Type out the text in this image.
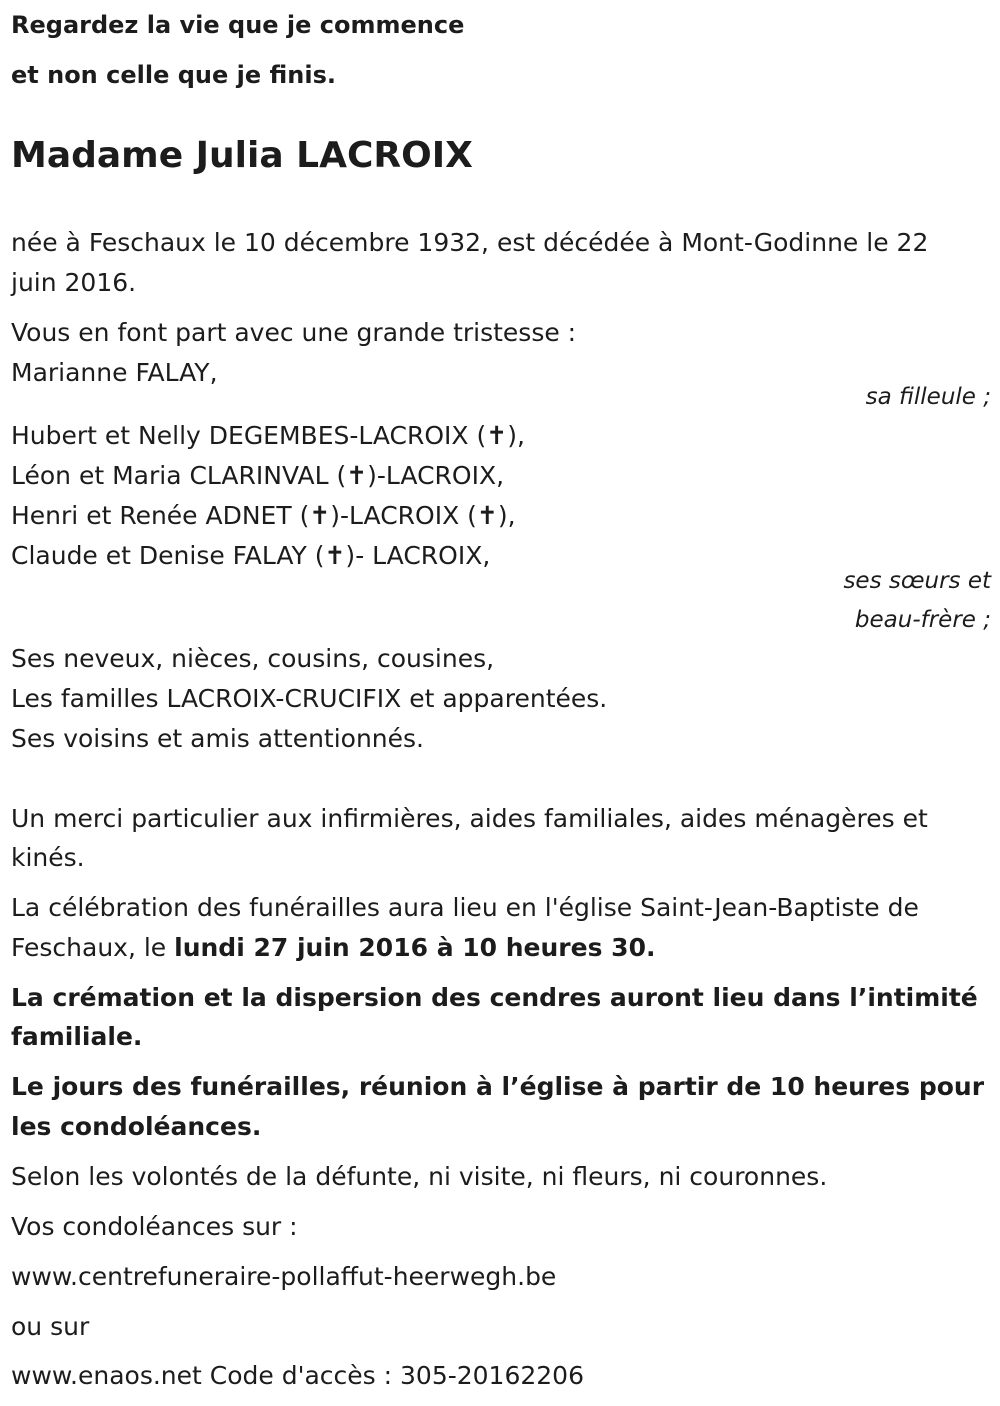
Regardez la vie que je commence
et non celle que je finis.
Madame Julia LACROIX
née à Feschaux le 10 décembre 1932, est décédée à Mont-Godinne le 22
juin 2016.
Vous en font part avec une grande tristesse :
Marianne FALAY,
sa filleule ;
Hubert et Nelly DEGEMBES-LACROIX (✝),
Léon et Maria CLARINVAL (✝)-LACROIX,
Henri et Renée ADNET (✝)-LACROIX (✝),
Claude et Denise FALAY (✝)- LACROIX,
ses sœurs et
beau-frère ;
Ses neveux, nièces, cousins, cousines,
Les familles LACROIX-CRUCIFIX et apparentées.
Ses voisins et amis attentionnés.
Un merci particulier aux infirmières, aides familiales, aides ménagères et
kinés.
La célébration des funérailles aura lieu en l'église Saint-Jean-Baptiste de
Feschaux, le lundi 27 juin 2016 à 10 heures 30.
La crémation et la dispersion des cendres auront lieu dans l’intimité
familiale.
Le jours des funérailles, réunion à l’église à partir de 10 heures pour
les condoléances.
Selon les volontés de la défunte, ni visite, ni fleurs, ni couronnes.
Vos condoléances sur :
www.centrefuneraire-pollaffut-heerwegh.be
ou sur
www.enaos.net Code d'accès : 305-20162206
